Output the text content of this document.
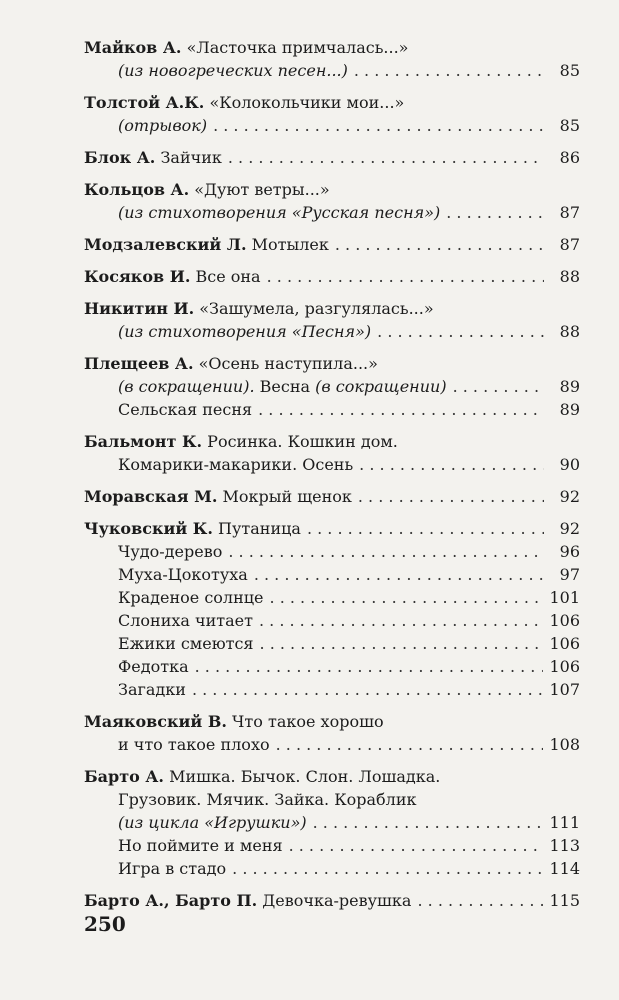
Майков А.
«Ласточка примчалась...»
(из новогреческих песен...) . . .	85
Толстой А.К.
«Колокольчики мои...»
(отрывок) . . .	85
Блок А.
Зайчик . . .	86
Кольцов А.
«Дуют ветры...»
(из стихотворения «Русская песня») . . .	87
Модзалевский Л.
Мотылек . . .	87
Косяков И.
Все она . . .	88
Никитин И.
«Зашумела, разгулялась...»
(из стихотворения «Песня») . . .	88
Плещеев А.
«Осень наступила...»
(в сокращении).
Весна
(в сокращении) . . .	89
Сельская песня . . .	89
Бальмонт К.
Росинка. Кошкин дом.
Комарики-макарики. Осень . . .	90
Моравская М.
Мокрый щенок . . .	92
Чуковский К.
Путаница . . .	92
Чудо-дерево . . .	96
Муха-Цокотуха . . .	97
Краденое солнце . . .	101
Слониха читает . . .	106
Ежики смеются . . .	106
Федотка . . .	106
Загадки . . .	107
Маяковский В.
Что такое хорошо
и что такое плохо . . .	108
Барто А.
Мишка. Бычок. Слон. Лошадка.
Грузовик. Мячик. Зайка. Кораблик
(из цикла «Игрушки») . . .	111
Но поймите и меня . . .	113
Игра в стадо . . .	114
Барто А., Барто П.
Девочка-ревушка . . .	115
250
